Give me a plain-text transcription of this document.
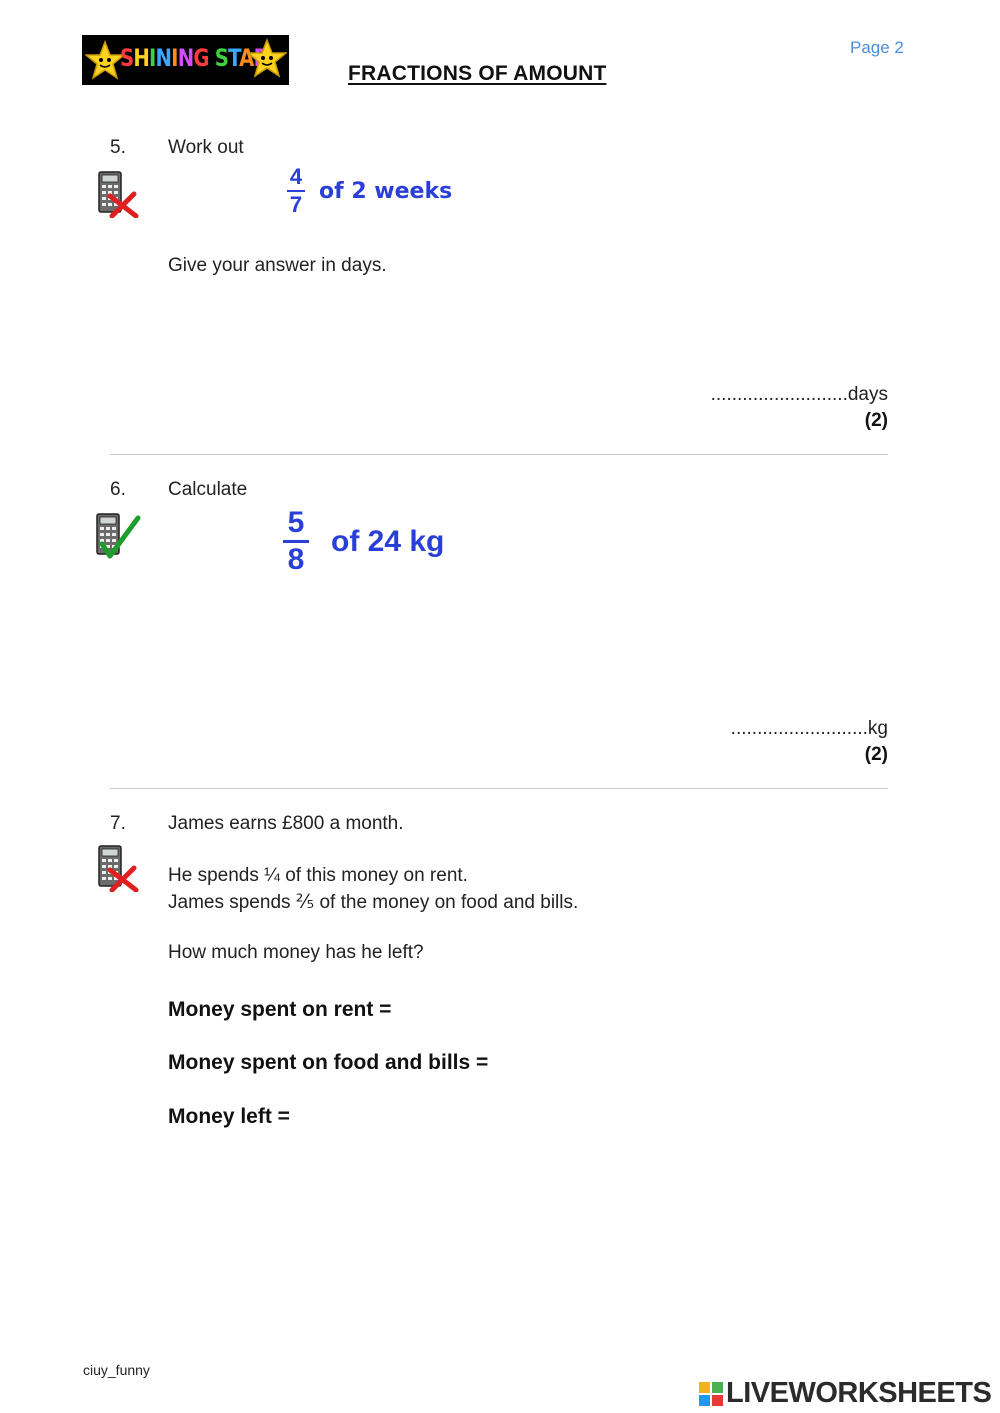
SHINING STA
FRACTIONS OF AMOUNT
Page 2
5. Work out
$\frac{4}{7}$ of 2 weeks
Give your answer in days.
..........................days
(2)
6. Calculate
$\frac{5}{8}$ of 24 kg
..........................kg
(2)
7. James earns £800 a month.
He spends ¼ of this money on rent.
James spends ⅖ of the money on food and bills.
How much money has he left?
Money spent on rent =
Money spent on food and bills =
Money left =
ciuy_funny
LIVEWORKSHEETS
